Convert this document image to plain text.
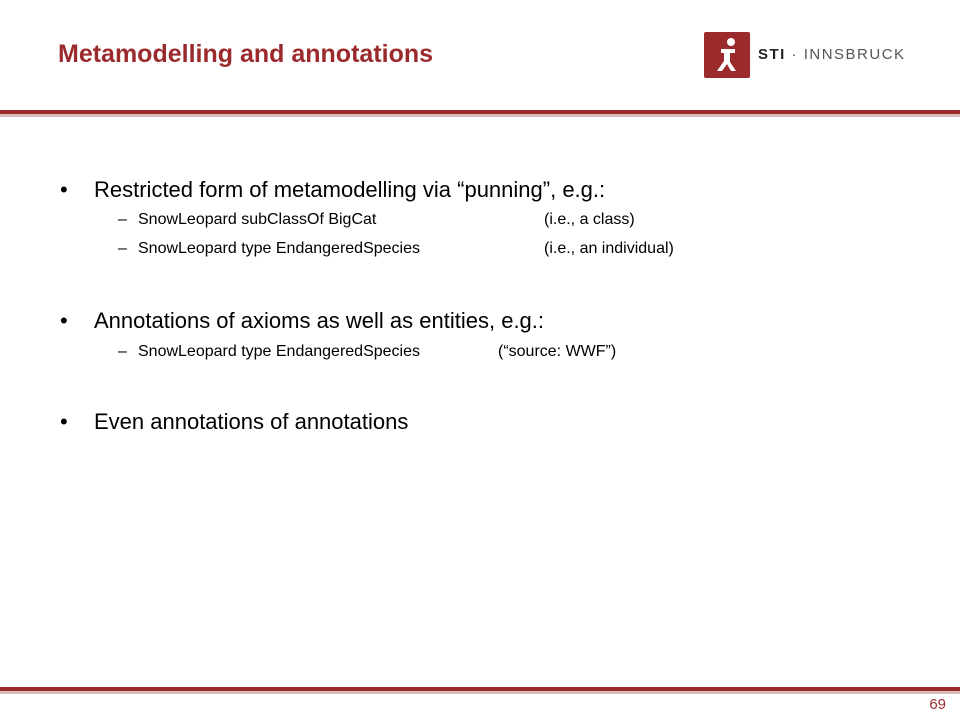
Metamodelling and annotations	STI · INNSBRUCK
• Restricted form of metamodelling via “punning”, e.g.:
– SnowLeopard subClassOf BigCat	(i.e., a class)
– SnowLeopard type EndangeredSpecies	(i.e., an individual)
• Annotations of axioms as well as entities, e.g.:
– SnowLeopard type EndangeredSpecies	(“source: WWF”)
• Even annotations of annotations
69
